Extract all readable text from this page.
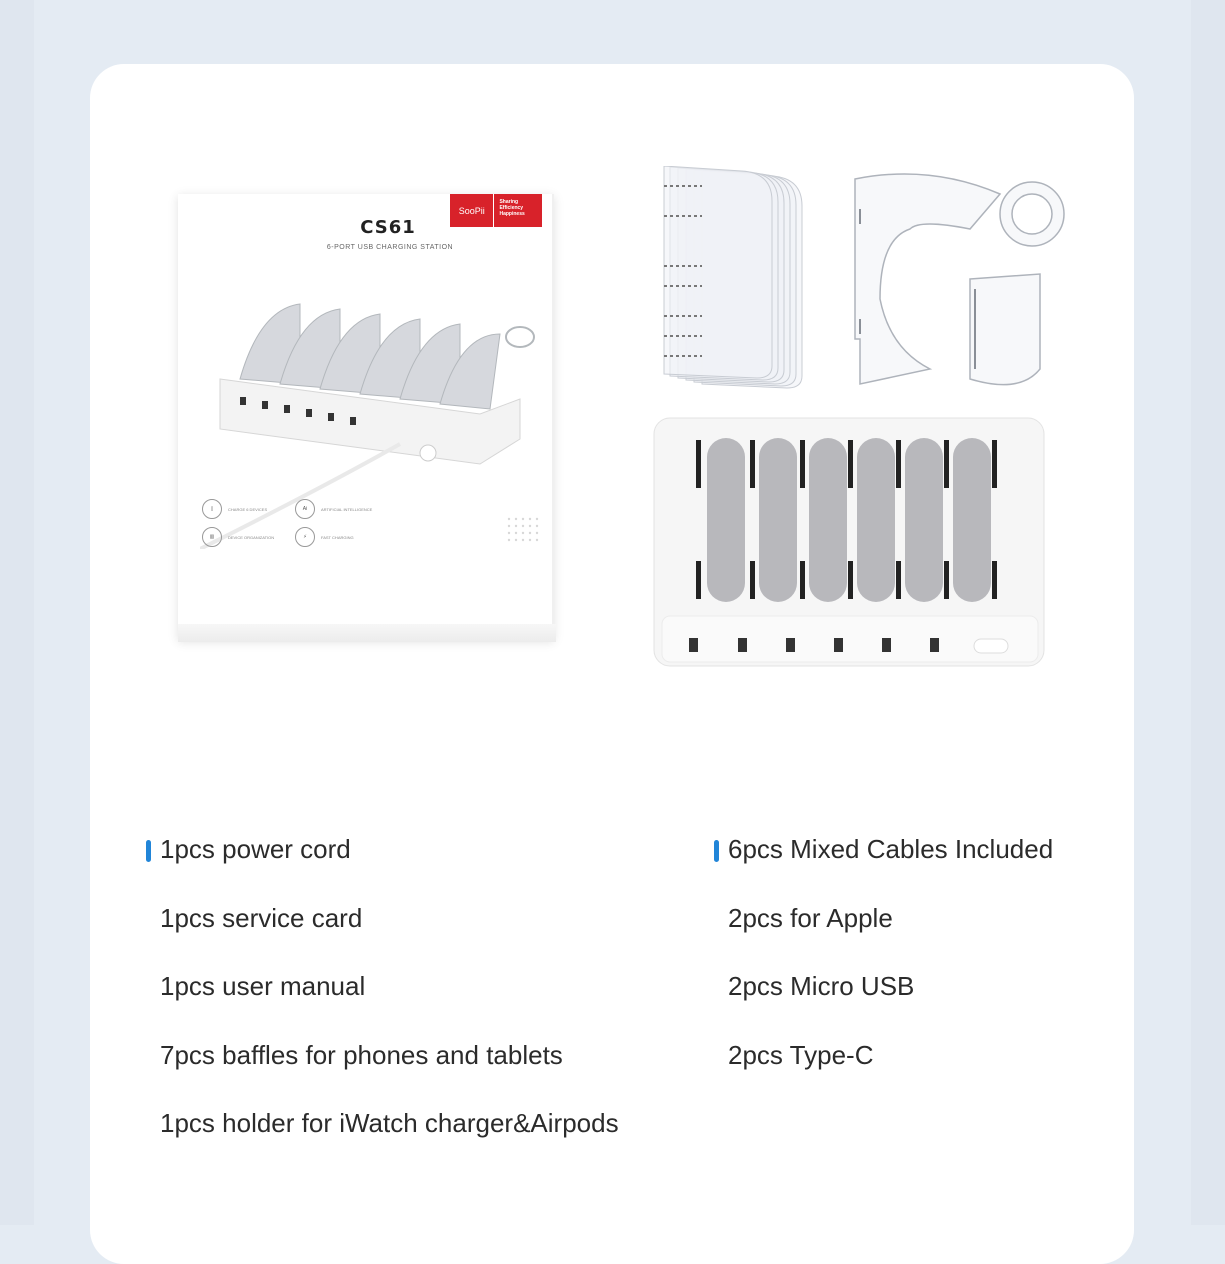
SooPii
Sharing
Efficiency
Happiness
CS61
6-PORT USB CHARGING STATION
▯	CHARGE 6 DEVICES	Ai	ARTIFICIAL INTELLIGENCE
▥	DEVICE ORGANIZATION	⚡	FAST CHARGING
1pcs power cord
1pcs service card
1pcs user manual
7pcs baffles for phones and tablets
1pcs holder for iWatch charger&Airpods
6pcs Mixed Cables Included
2pcs for Apple
2pcs Micro USB
2pcs Type-C
